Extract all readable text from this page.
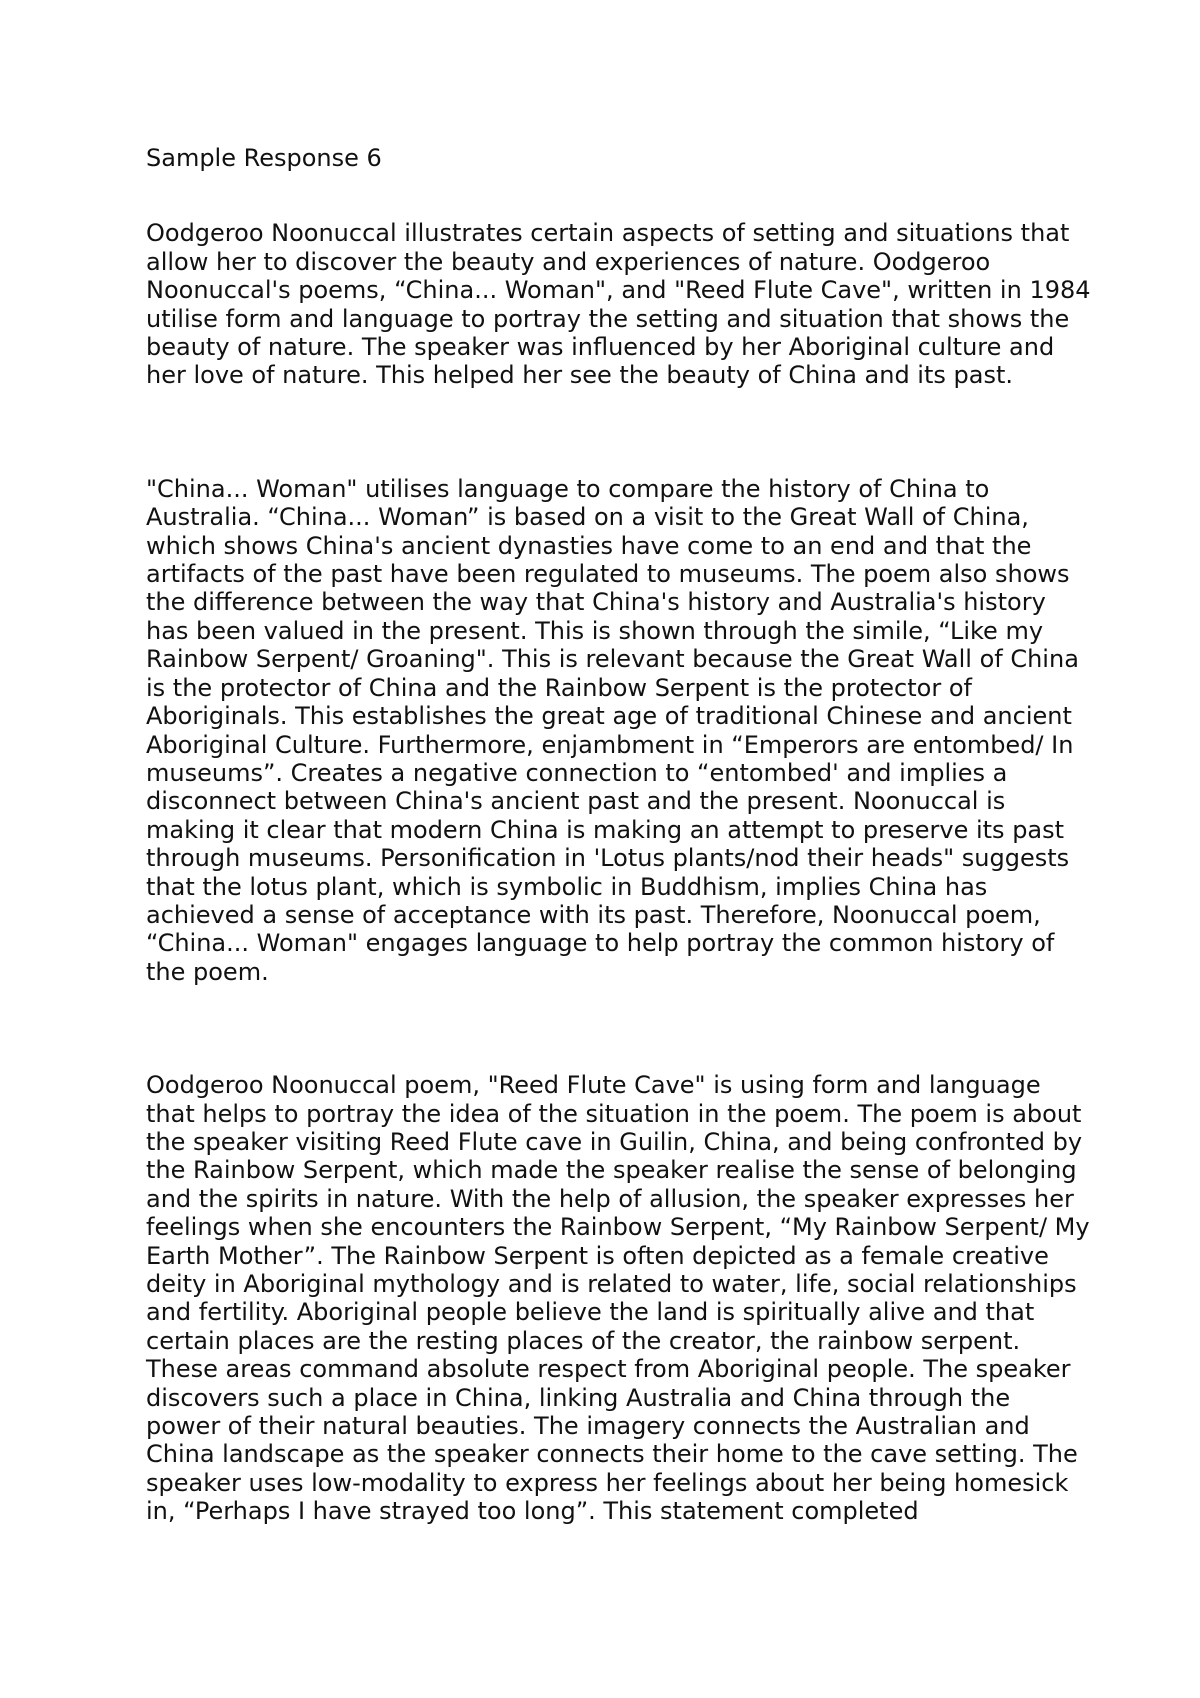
Sample Response 6

Oodgeroo Noonuccal illustrates certain aspects of setting and situations that allow her to discover the beauty and experiences of nature. Oodgeroo Noonuccal's poems, “China... Woman", and "Reed Flute Cave", written in 1984 utilise form and language to portray the setting and situation that shows the beauty of nature. The speaker was influenced by her Aboriginal culture and her love of nature. This helped her see the beauty of China and its past.

"China... Woman" utilises language to compare the history of China to Australia. “China... Woman” is based on a visit to the Great Wall of China, which shows China's ancient dynasties have come to an end and that the artifacts of the past have been regulated to museums. The poem also shows the difference between the way that China's history and Australia's history has been valued in the present. This is shown through the simile, “Like my Rainbow Serpent/ Groaning". This is relevant because the Great Wall of China is the protector of China and the Rainbow Serpent is the protector of Aboriginals. This establishes the great age of traditional Chinese and ancient Aboriginal Culture. Furthermore, enjambment in “Emperors are entombed/ In museums”. Creates a negative connection to “entombed' and implies a disconnect between China's ancient past and the present. Noonuccal is making it clear that modern China is making an attempt to preserve its past through museums. Personification in 'Lotus plants/nod their heads" suggests that the lotus plant, which is symbolic in Buddhism, implies China has achieved a sense of acceptance with its past. Therefore, Noonuccal poem, “China... Woman" engages language to help portray the common history of the poem.

Oodgeroo Noonuccal poem, "Reed Flute Cave" is using form and language that helps to portray the idea of the situation in the poem. The poem is about the speaker visiting Reed Flute cave in Guilin, China, and being confronted by the Rainbow Serpent, which made the speaker realise the sense of belonging and the spirits in nature. With the help of allusion, the speaker expresses her feelings when she encounters the Rainbow Serpent, “My Rainbow Serpent/ My Earth Mother”. The Rainbow Serpent is often depicted as a female creative deity in Aboriginal mythology and is related to water, life, social relationships and fertility. Aboriginal people believe the land is spiritually alive and that certain places are the resting places of the creator, the rainbow serpent. These areas command absolute respect from Aboriginal people. The speaker discovers such a place in China, linking Australia and China through the power of their natural beauties. The imagery connects the Australian and China landscape as the speaker connects their home to the cave setting. The speaker uses low-modality to express her feelings about her being homesick in, “Perhaps I have strayed too long”. This statement completed
